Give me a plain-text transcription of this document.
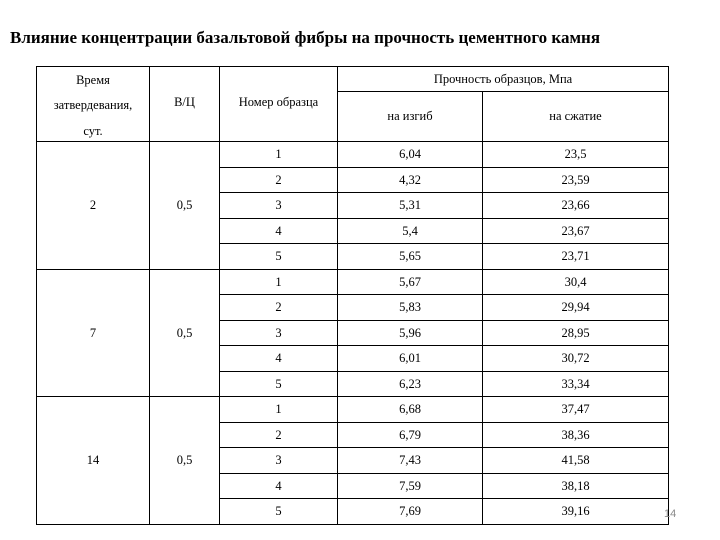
Влияние концентрации базальтовой фибры на прочность цементного камня
Время
затвердевания,
сут.	В/Ц	Номер образца	Прочность образцов, Мпа	
			на изгиб	на сжатие
2	0,5	1	6,04	23,5
		2	4,32	23,59
		3	5,31	23,66
		4	5,4	23,67
		5	5,65	23,71
7	0,5	1	5,67	30,4
		2	5,83	29,94
		3	5,96	28,95
		4	6,01	30,72
		5	6,23	33,34
14	0,5	1	6,68	37,47
		2	6,79	38,36
		3	7,43	41,58
		4	7,59	38,18
		5	7,69	39,16	14
